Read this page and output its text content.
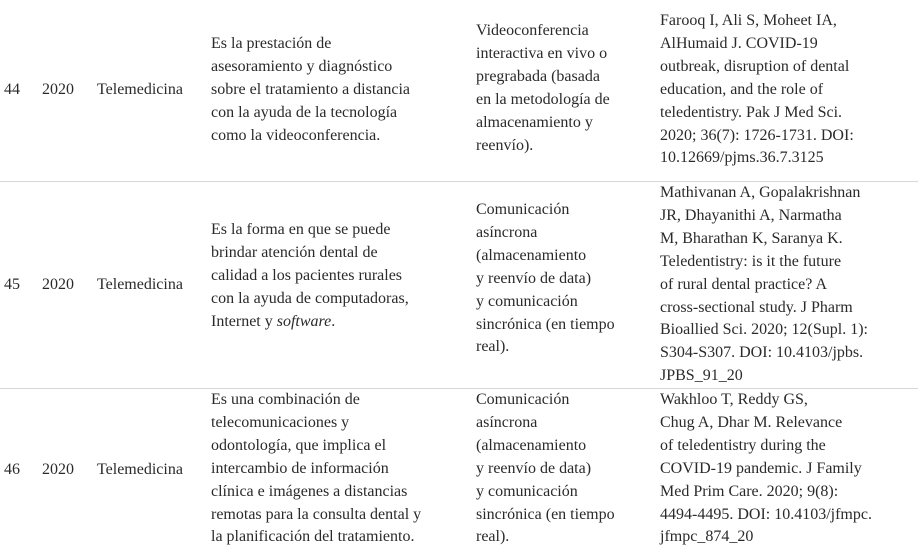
44 2020 Telemedicina
Es la prestación de
asesoramiento y diagnóstico
sobre el tratamiento a distancia
con la ayuda de la tecnología
como la videoconferencia.
Videoconferencia
interactiva en vivo o
pregrabada (basada
en la metodología de
almacenamiento y
reenvío).
Farooq I, Ali S, Moheet IA,
AlHumaid J. COVID-19
outbreak, disruption of dental
education, and the role of
teledentistry. Pak J Med Sci.
2020; 36(7): 1726-1731. DOI:
10.12669/pjms.36.7.3125
45 2020 Telemedicina
Es la forma en que se puede
brindar atención dental de
calidad a los pacientes rurales
con la ayuda de computadoras,
Internet y software.
Comunicación
asíncrona
(almacenamiento
y reenvío de data)
y comunicación
sincrónica (en tiempo
real).
Mathivanan A, Gopalakrishnan
JR, Dhayanithi A, Narmatha
M, Bharathan K, Saranya K.
Teledentistry: is it the future
of rural dental practice? A
cross-sectional study. J Pharm
Bioallied Sci. 2020; 12(Supl. 1):
S304-S307. DOI: 10.4103/jpbs.
JPBS_91_20
46 2020 Telemedicina
Es una combinación de
telecomunicaciones y
odontología, que implica el
intercambio de información
clínica e imágenes a distancias
remotas para la consulta dental y
la planificación del tratamiento.
Comunicación
asíncrona
(almacenamiento
y reenvío de data)
y comunicación
sincrónica (en tiempo
real).
Wakhloo T, Reddy GS,
Chug A, Dhar M. Relevance
of teledentistry during the
COVID-19 pandemic. J Family
Med Prim Care. 2020; 9(8):
4494-4495. DOI: 10.4103/jfmpc.
jfmpc_874_20
